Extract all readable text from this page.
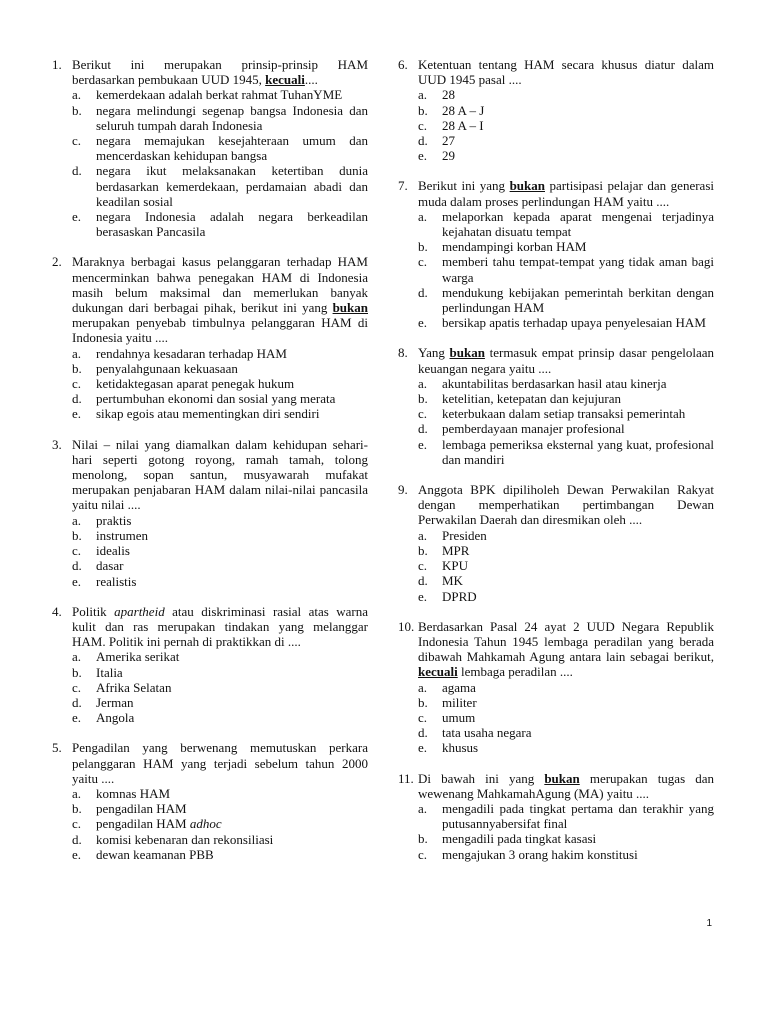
1. Berikut ini merupakan prinsip-prinsip HAM berdasarkan pembukaan UUD 1945, kecuali....
a.	kemerdekaan adalah berkat rahmat TuhanYME
b.	negara melindungi segenap bangsa Indonesia dan seluruh tumpah darah Indonesia
c.	negara memajukan kesejahteraan umum dan mencerdaskan kehidupan bangsa
d.	negara ikut melaksanakan ketertiban dunia berdasarkan kemerdekaan, perdamaian abadi dan keadilan sosial
e.	negara Indonesia adalah negara berkeadilan berasaskan Pancasila
2. Maraknya berbagai kasus pelanggaran terhadap HAM mencerminkan bahwa penegakan HAM di Indonesia masih belum maksimal dan memerlukan banyak dukungan dari berbagai pihak, berikut ini yang bukan merupakan penyebab timbulnya pelanggaran HAM di Indonesia yaitu ....
a.	rendahnya kesadaran terhadap HAM
b.	penyalahgunaan kekuasaan
c.	ketidaktegasan aparat penegak hukum
d.	pertumbuhan ekonomi dan sosial yang merata
e.	sikap egois atau mementingkan diri sendiri
3. Nilai – nilai yang diamalkan dalam kehidupan sehari-hari seperti gotong royong, ramah tamah, tolong menolong, sopan santun, musyawarah mufakat merupakan penjabaran HAM dalam nilai-nilai pancasila yaitu nilai ....
a.	praktis
b.	instrumen
c.	idealis
d.	dasar
e.	realistis
4. Politik apartheid atau diskriminasi rasial atas warna kulit dan ras merupakan tindakan yang melanggar HAM. Politik ini pernah di praktikkan di ....
a.	Amerika serikat
b.	Italia
c.	Afrika Selatan
d.	Jerman
e.	Angola
5. Pengadilan yang berwenang memutuskan perkara pelanggaran HAM yang terjadi sebelum tahun 2000 yaitu ....
a.	komnas HAM
b.	pengadilan HAM
c.	pengadilan HAM adhoc
d.	komisi kebenaran dan rekonsiliasi
e.	dewan keamanan PBB
6. Ketentuan tentang HAM secara khusus diatur dalam UUD 1945 pasal ....
a.	28
b.	28 A – J
c.	28 A – I
d.	27
e.	29
7. Berikut ini yang bukan partisipasi pelajar dan generasi muda dalam proses perlindungan HAM yaitu ....
a.	melaporkan kepada aparat mengenai terjadinya kejahatan disuatu tempat
b.	mendampingi korban HAM
c.	memberi tahu tempat-tempat yang tidak aman bagi warga
d.	mendukung kebijakan pemerintah berkitan dengan perlindungan HAM
e.	bersikap apatis terhadap upaya penyelesaian HAM
8. Yang bukan termasuk empat prinsip dasar pengelolaan keuangan negara yaitu ....
a.	akuntabilitas berdasarkan hasil atau kinerja
b.	ketelitian, ketepatan dan kejujuran
c.	keterbukaan dalam setiap transaksi pemerintah
d.	pemberdayaan manajer profesional
e.	lembaga pemeriksa eksternal yang kuat, profesional dan mandiri
9. Anggota BPK dipiliholeh Dewan Perwakilan Rakyat dengan memperhatikan pertimbangan Dewan Perwakilan Daerah dan diresmikan oleh ....
a.	Presiden
b.	MPR
c.	KPU
d.	MK
e.	DPRD
10. Berdasarkan Pasal 24 ayat 2 UUD Negara Republik Indonesia Tahun 1945 lembaga peradilan yang berada dibawah Mahkamah Agung antara lain sebagai berikut, kecuali lembaga peradilan ....
a.	agama
b.	militer
c.	umum
d.	tata usaha negara
e.	khusus
11. Di bawah ini yang bukan merupakan tugas dan wewenang MahkamahAgung (MA) yaitu ....
a.	mengadili pada tingkat pertama dan terakhir yang putusannyabersifat final
b.	mengadili pada tingkat kasasi
c.	mengajukan 3 orang hakim konstitusi
1
